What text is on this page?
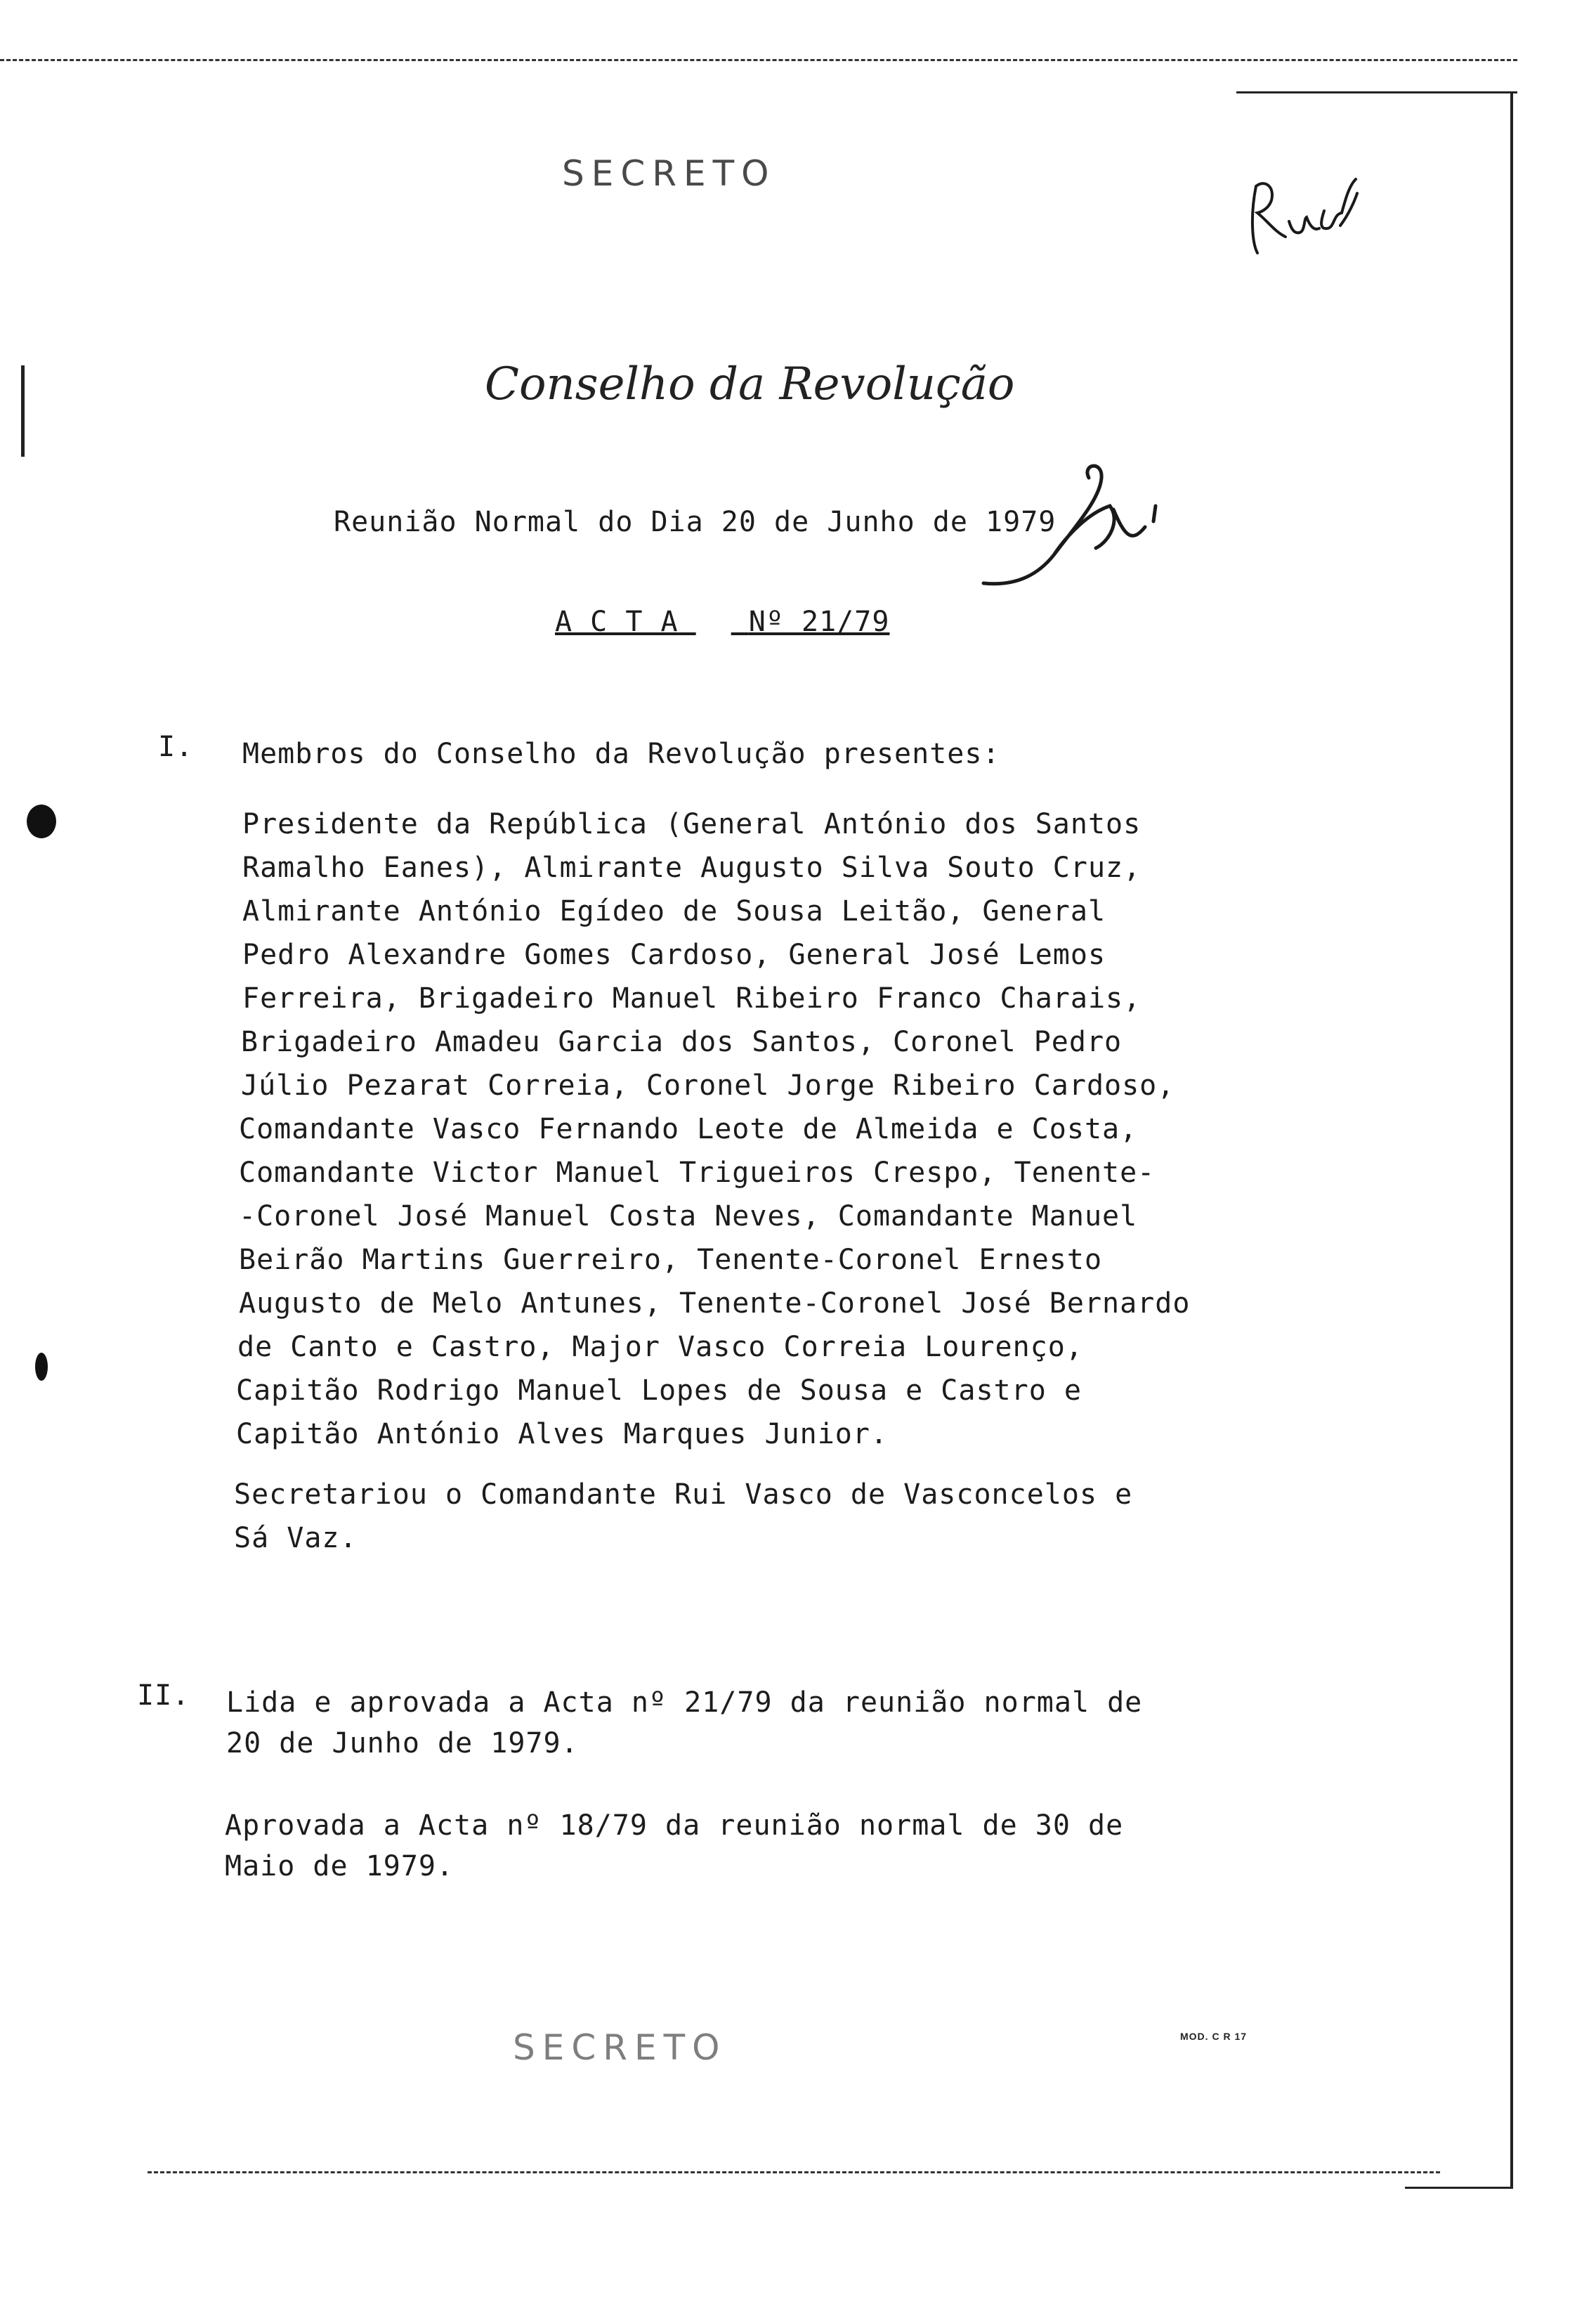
SECRETO
Conselho da Revolução
Reunião Normal do Dia 20 de Junho de 1979
A C T A	Nº 21/79
I. Membros do Conselho da Revolução presentes:
Presidente da República (General António dos Santos
Ramalho Eanes), Almirante Augusto Silva Souto Cruz,
Almirante António Egídeo de Sousa Leitão, General
Pedro Alexandre Gomes Cardoso, General José Lemos
Ferreira, Brigadeiro Manuel Ribeiro Franco Charais,
Brigadeiro Amadeu Garcia dos Santos, Coronel Pedro
Júlio Pezarat Correia, Coronel Jorge Ribeiro Cardoso,
Comandante Vasco Fernando Leote de Almeida e Costa,
Comandante Victor Manuel Trigueiros Crespo, Tenente-
-Coronel José Manuel Costa Neves, Comandante Manuel
Beirão Martins Guerreiro, Tenente-Coronel Ernesto
Augusto de Melo Antunes, Tenente-Coronel José Bernardo
de Canto e Castro, Major Vasco Correia Lourenço,
Capitão Rodrigo Manuel Lopes de Sousa e Castro e
Capitão António Alves Marques Junior.
Secretariou o Comandante Rui Vasco de Vasconcelos e
Sá Vaz.
II. Lida e aprovada a Acta nº 21/79 da reunião normal de
20 de Junho de 1979.
Aprovada a Acta nº 18/79 da reunião normal de 30 de
Maio de 1979.
SECRETO	MOD. C R 17
